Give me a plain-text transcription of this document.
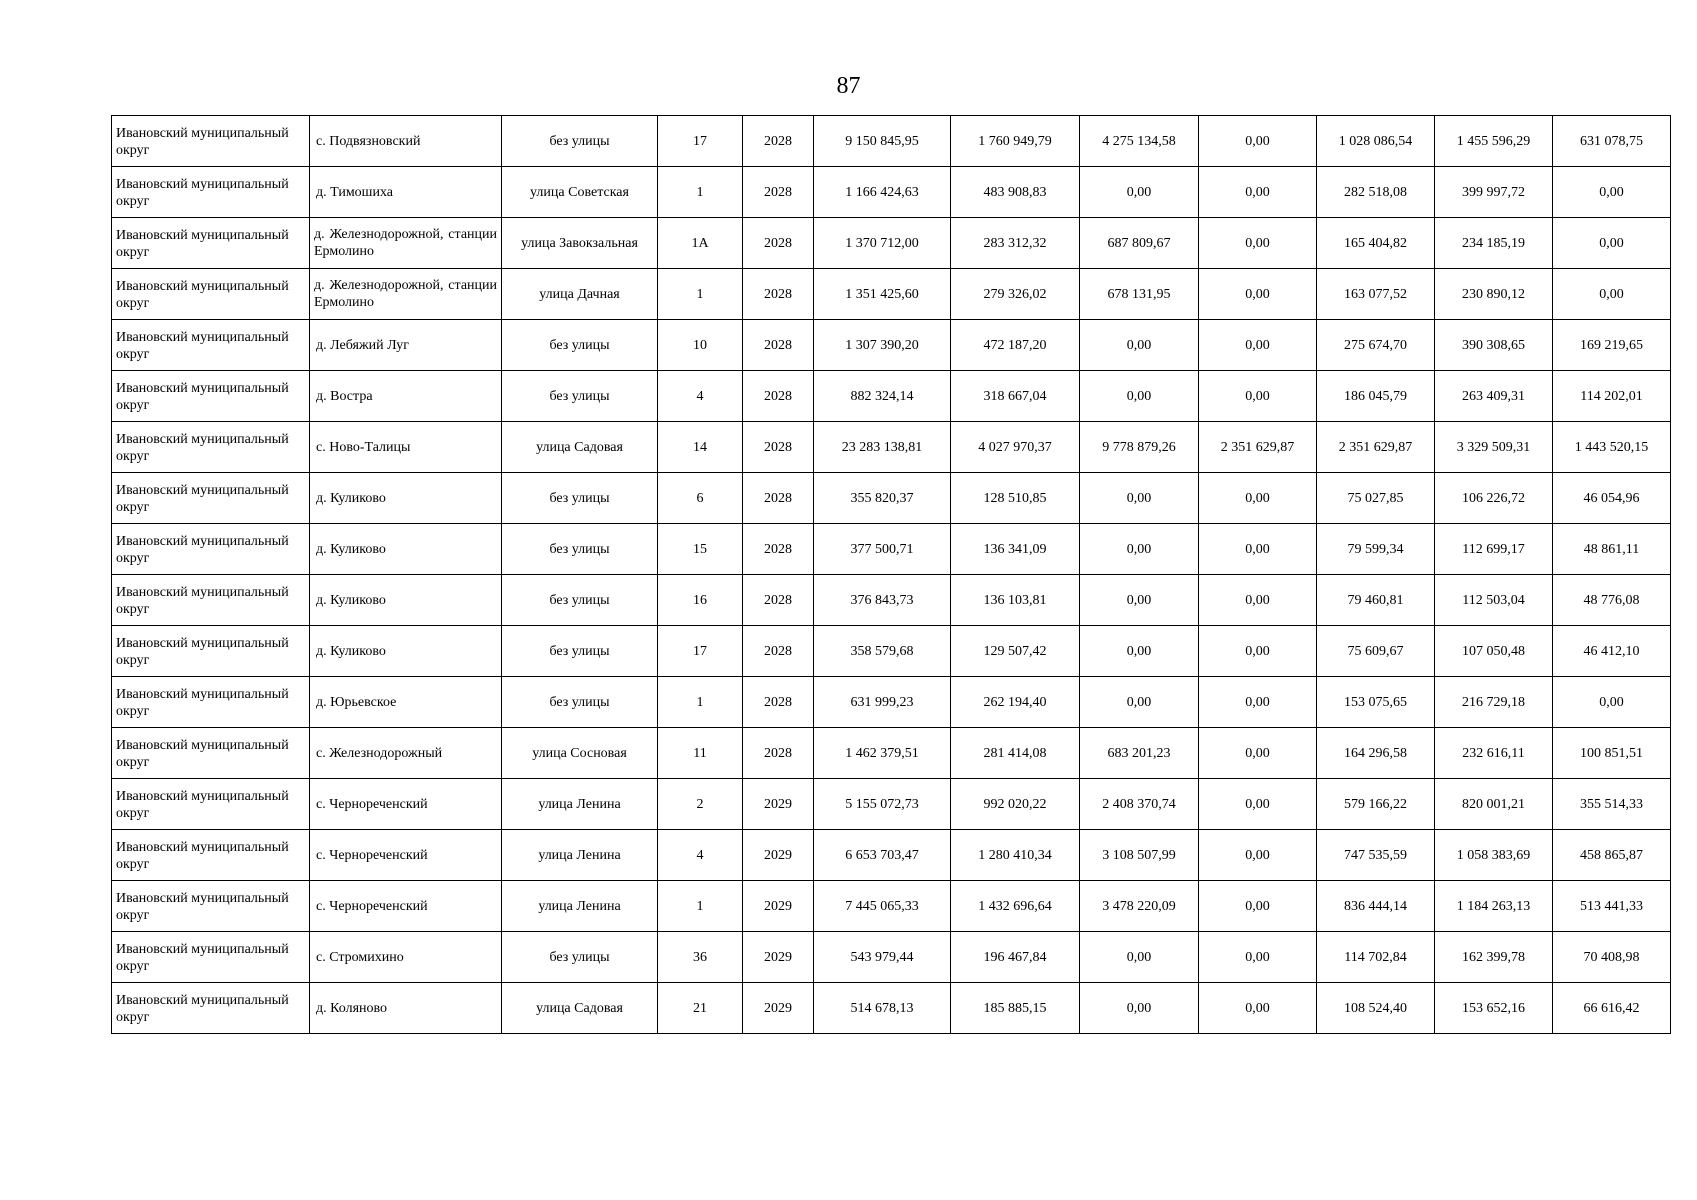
87
Ивановский муниципальный округ	с. Подвязновский	без улицы	17	2028	9 150 845,95	1 760 949,79	4 275 134,58	0,00	1 028 086,54	1 455 596,29	631 078,75
Ивановский муниципальный округ	д. Тимошиха	улица Советская	1	2028	1 166 424,63	483 908,83	0,00	0,00	282 518,08	399 997,72	0,00
Ивановский муниципальный округ	д. Железнодорожной, станции Ермолино	улица Завокзальная	1А	2028	1 370 712,00	283 312,32	687 809,67	0,00	165 404,82	234 185,19	0,00
Ивановский муниципальный округ	д. Железнодорожной, станции Ермолино	улица Дачная	1	2028	1 351 425,60	279 326,02	678 131,95	0,00	163 077,52	230 890,12	0,00
Ивановский муниципальный округ	д. Лебяжий Луг	без улицы	10	2028	1 307 390,20	472 187,20	0,00	0,00	275 674,70	390 308,65	169 219,65
Ивановский муниципальный округ	д. Востра	без улицы	4	2028	882 324,14	318 667,04	0,00	0,00	186 045,79	263 409,31	114 202,01
Ивановский муниципальный округ	с. Ново-Талицы	улица Садовая	14	2028	23 283 138,81	4 027 970,37	9 778 879,26	2 351 629,87	2 351 629,87	3 329 509,31	1 443 520,15
Ивановский муниципальный округ	д. Куликово	без улицы	6	2028	355 820,37	128 510,85	0,00	0,00	75 027,85	106 226,72	46 054,96
Ивановский муниципальный округ	д. Куликово	без улицы	15	2028	377 500,71	136 341,09	0,00	0,00	79 599,34	112 699,17	48 861,11
Ивановский муниципальный округ	д. Куликово	без улицы	16	2028	376 843,73	136 103,81	0,00	0,00	79 460,81	112 503,04	48 776,08
Ивановский муниципальный округ	д. Куликово	без улицы	17	2028	358 579,68	129 507,42	0,00	0,00	75 609,67	107 050,48	46 412,10
Ивановский муниципальный округ	д. Юрьевское	без улицы	1	2028	631 999,23	262 194,40	0,00	0,00	153 075,65	216 729,18	0,00
Ивановский муниципальный округ	с. Железнодорожный	улица Сосновая	11	2028	1 462 379,51	281 414,08	683 201,23	0,00	164 296,58	232 616,11	100 851,51
Ивановский муниципальный округ	с. Чернореченский	улица Ленина	2	2029	5 155 072,73	992 020,22	2 408 370,74	0,00	579 166,22	820 001,21	355 514,33
Ивановский муниципальный округ	с. Чернореченский	улица Ленина	4	2029	6 653 703,47	1 280 410,34	3 108 507,99	0,00	747 535,59	1 058 383,69	458 865,87
Ивановский муниципальный округ	с. Чернореченский	улица Ленина	1	2029	7 445 065,33	1 432 696,64	3 478 220,09	0,00	836 444,14	1 184 263,13	513 441,33
Ивановский муниципальный округ	с. Стромихино	без улицы	36	2029	543 979,44	196 467,84	0,00	0,00	114 702,84	162 399,78	70 408,98
Ивановский муниципальный округ	д. Коляново	улица Садовая	21	2029	514 678,13	185 885,15	0,00	0,00	108 524,40	153 652,16	66 616,42
